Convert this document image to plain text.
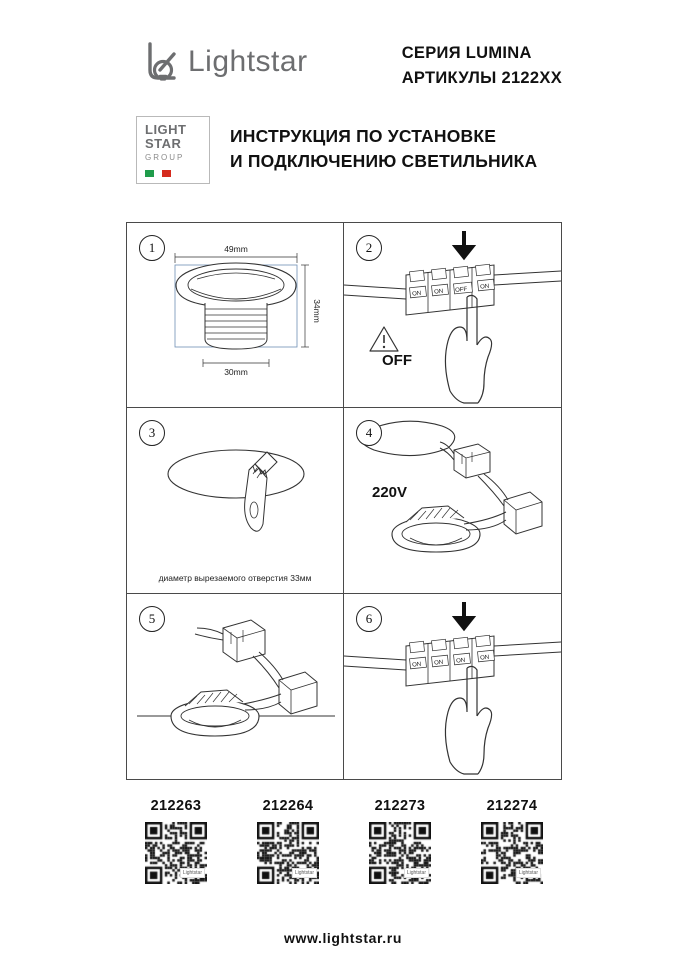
Lightstar	СЕРИЯ LUMINA
АРТИКУЛЫ 2122XX
LIGHT
STAR
GROUP
ИНСТРУКЦИЯ ПО УСТАНОВКЕ
И ПОДКЛЮЧЕНИЮ СВЕТИЛЬНИКА
1	49mm
34mm
30mm
2
ON ON OFF ON
OFF
3
диаметр вырезаемого отверстия 33мм
4
220V
5	6
ON ON ON ON
212263
Lightstar
212264
Lightstar
212273
Lightstar
212274
Lightstar
www.lightstar.ru
